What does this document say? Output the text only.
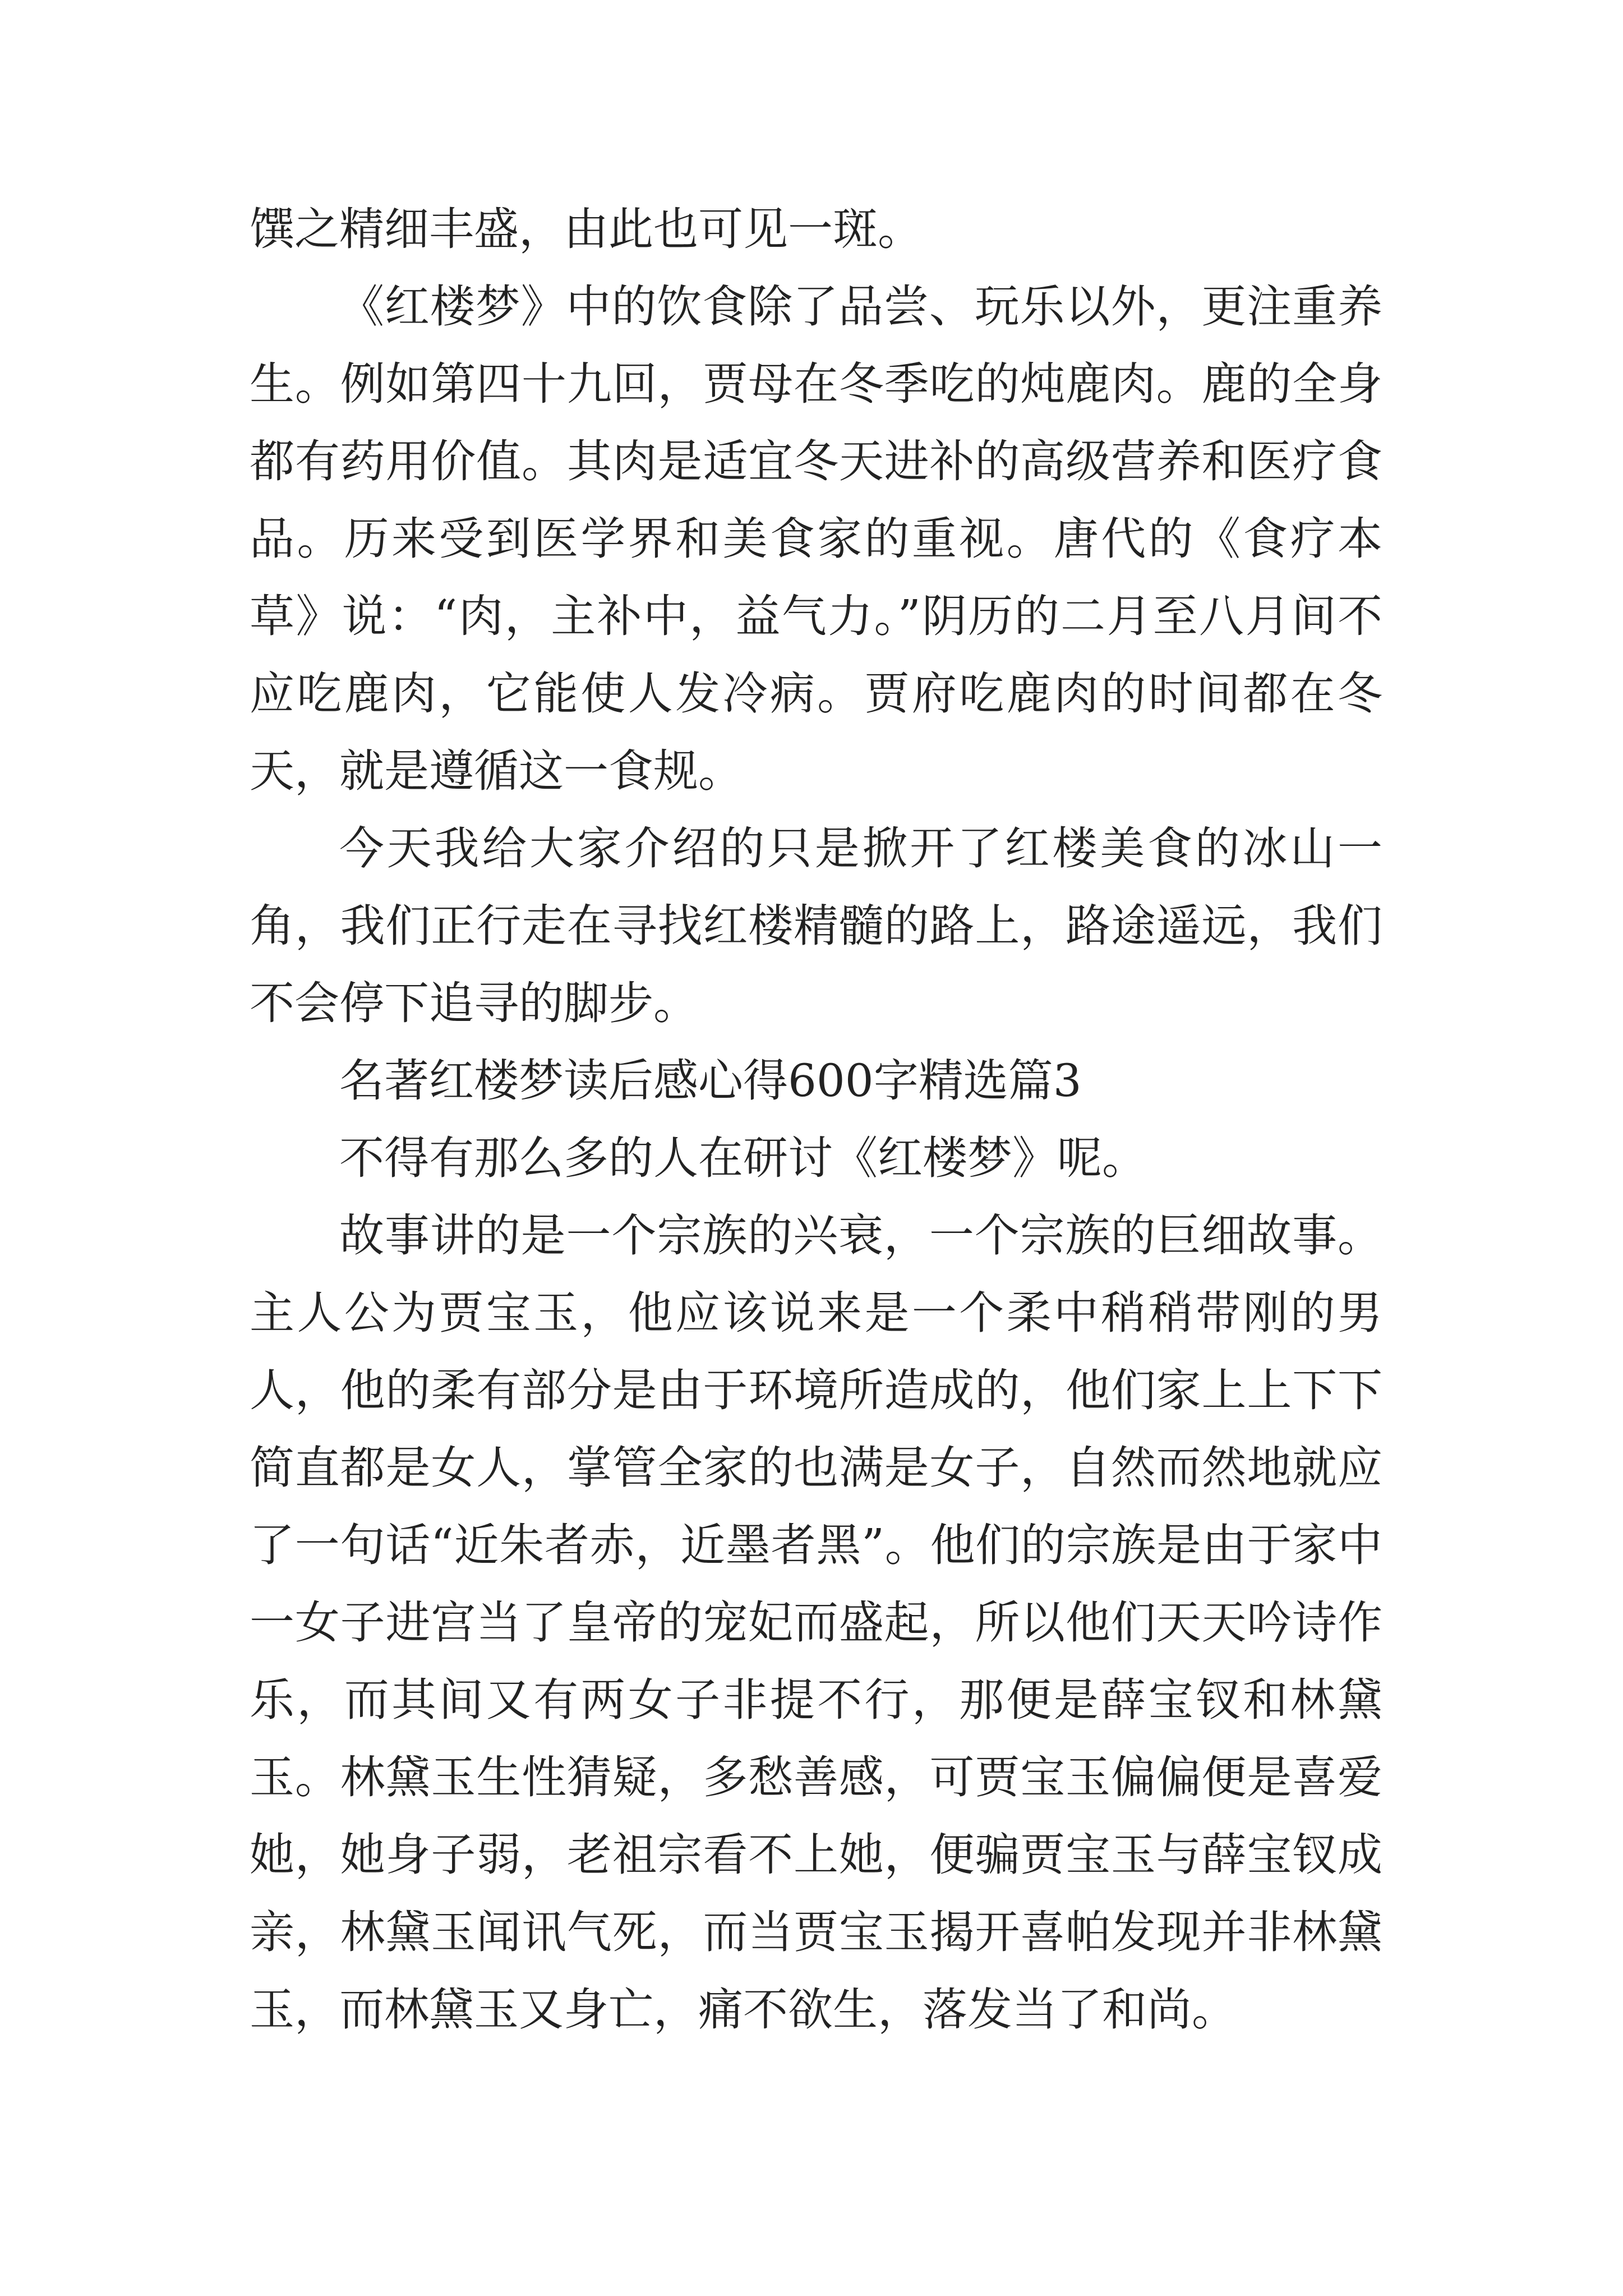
馔之精细丰盛，由此也可见一斑。

《红楼梦》中的饮食除了品尝、玩乐以外，更注重养生。例如第四十九回，贾母在冬季吃的炖鹿肉。鹿的全身都有药用价值。其肉是适宜冬天进补的高级营养和医疗食品。历来受到医学界和美食家的重视。唐代的《食疗本草》说：“肉，主补中，益气力。”阴历的二月至八月间不应吃鹿肉，它能使人发冷病。贾府吃鹿肉的时间都在冬天，就是遵循这一食规。

今天我给大家介绍的只是掀开了红楼美食的冰山一角，我们正行走在寻找红楼精髓的路上，路途遥远，我们不会停下追寻的脚步。

名著红楼梦读后感心得600字精选篇3

不得有那么多的人在研讨《红楼梦》呢。

故事讲的是一个宗族的兴衰，一个宗族的巨细故事。主人公为贾宝玉，他应该说来是一个柔中稍稍带刚的男人，他的柔有部分是由于环境所造成的，他们家上上下下简直都是女人，掌管全家的也满是女子，自然而然地就应了一句话“近朱者赤，近墨者黑”。他们的宗族是由于家中一女子进宫当了皇帝的宠妃而盛起，所以他们天天吟诗作乐，而其间又有两女子非提不行，那便是薛宝钗和林黛玉。林黛玉生性猜疑，多愁善感，可贾宝玉偏偏便是喜爱她，她身子弱，老祖宗看不上她，便骗贾宝玉与薛宝钗成亲，林黛玉闻讯气死，而当贾宝玉揭开喜帕发现并非林黛玉，而林黛玉又身亡，痛不欲生，落发当了和尚。
